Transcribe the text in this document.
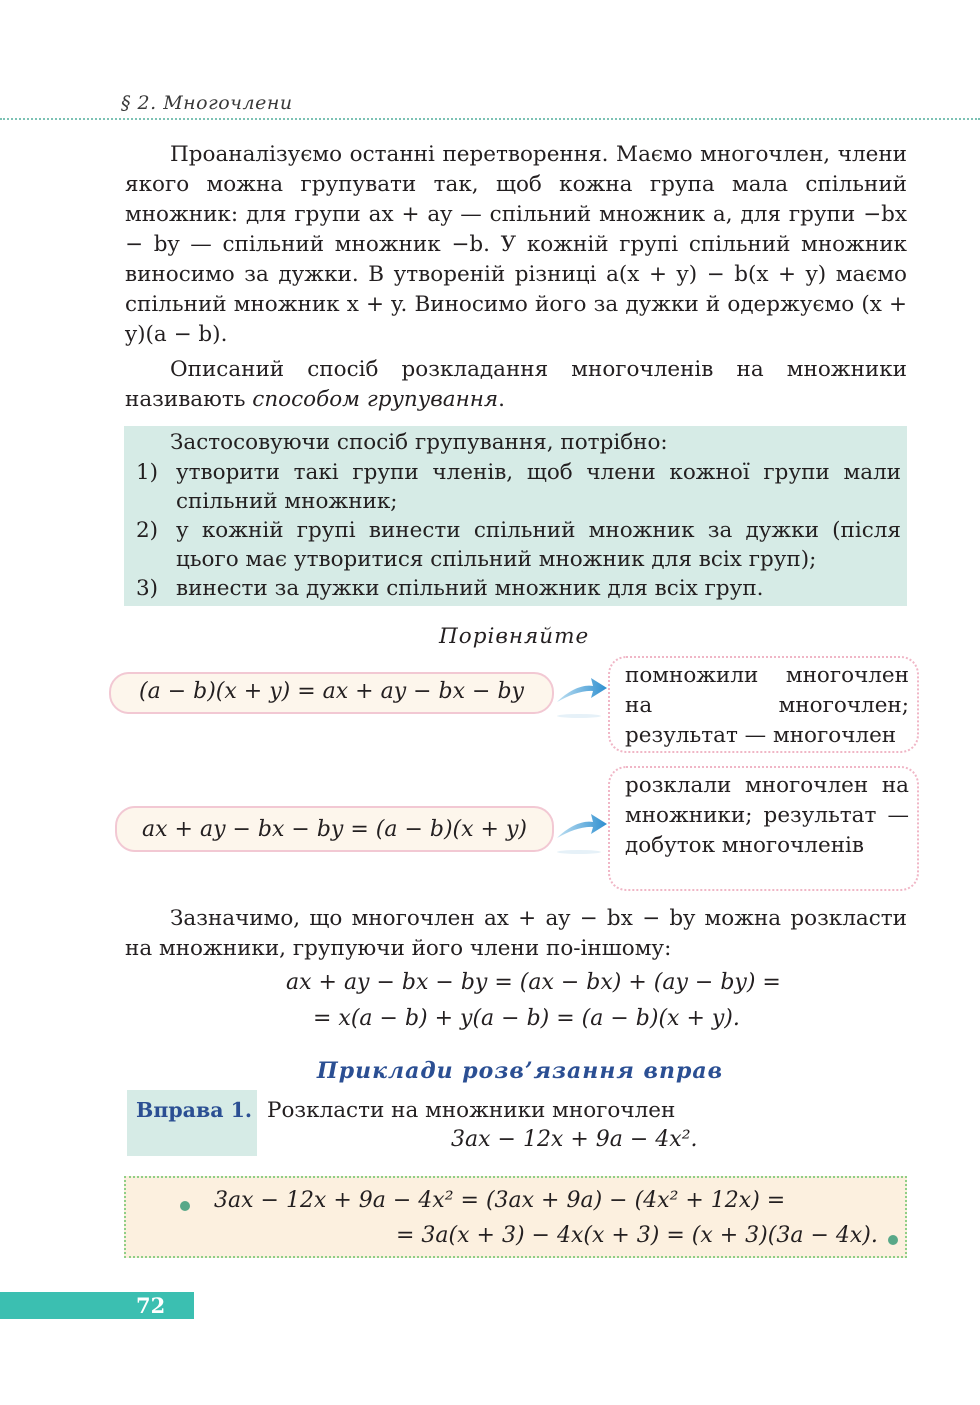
§ 2. Многочлени
Проаналізуємо останні перетворення. Маємо многочлен, члени якого можна групувати так, щоб кожна група мала спільний множник: для групи ax + ay — спільний множник a, для групи −bx − by — спільний множник −b. У кожній групі спільний множник виносимо за дужки. В утвореній різниці a(x + y) − b(x + y) маємо спільний множник x + y. Виносимо його за дужки й одержуємо (x + y)(a − b).
Описаний спосіб розкладання многочленів на множники називають способом групування.
Застосовуючи спосіб групування, потрібно:
1) утворити такі групи членів, щоб члени кожної групи мали спільний множник;
2) у кожній групі винести спільний множник за дужки (після цього має утворитися спільний множник для всіх груп);
3) винести за дужки спільний множник для всіх груп.
Порівняйте
(a − b)(x + y) = ax + ay − bx − by
помножили многочлен на многочлен; результат — многочлен
ax + ay − bx − by = (a − b)(x + y)
розклали многочлен на множники; результат — добуток многочленів
Зазначимо, що многочлен ax + ay − bx − by можна розкласти на множники, групуючи його члени по-іншому:
ax + ay − bx − by = (ax − bx) + (ay − by) =
= x(a − b) + y(a − b) = (a − b)(x + y).
Приклади розв’язання вправ
Вправа 1. Розкласти на множники многочлен
3ax − 12x + 9a − 4x².
3ax − 12x + 9a − 4x² = (3ax + 9a) − (4x² + 12x) =
= 3a(x + 3) − 4x(x + 3) = (x + 3)(3a − 4x).
72
